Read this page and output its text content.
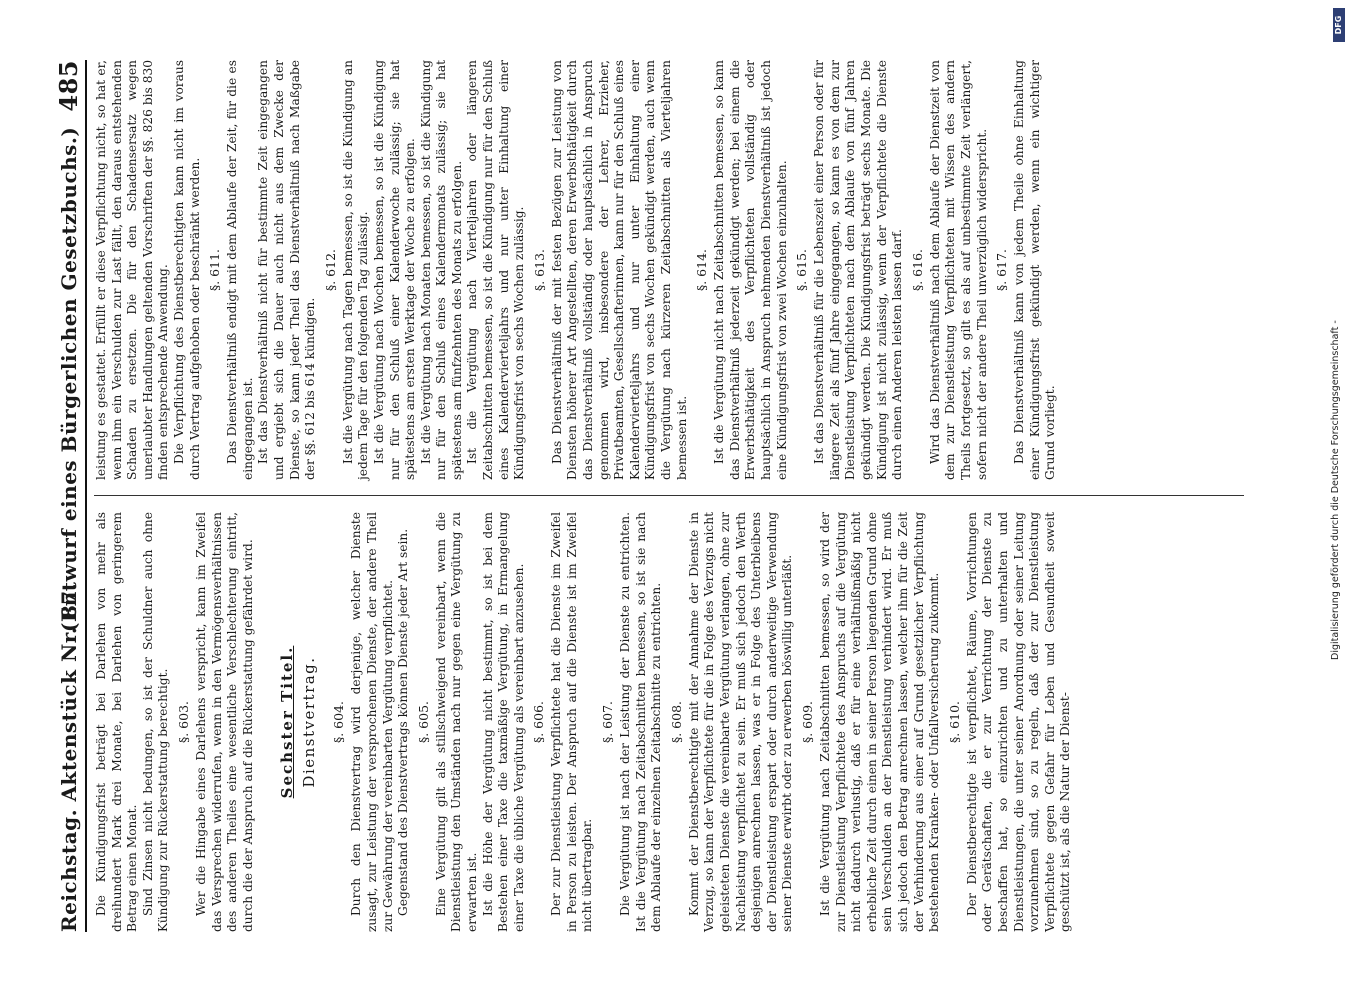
Reichstag. Aktenstück Nr. 87.
(Entwurf eines Bürgerlichen Gesetzbuchs.)
485

Die Kündigungsfrist beträgt bei Darlehen von mehr als dreihundert Mark drei Monate, bei Darlehen von geringerem Betrag einen Monat. Sind Zinsen nicht bedungen, so ist der Schuldner auch ohne Kündigung zur Rückerstattung berechtigt. §. 603. Wer die Hingabe eines Darlehens verspricht, kann im Zweifel das Versprechen widerrufen, wenn in den Vermögensverhältnissen des anderen Theiles eine wesentliche Verschlechterung eintritt, durch die der Anspruch auf die Rückerstattung gefährdet wird. Sechster Titel. Dienstvertrag. §. 604. Durch den Dienstvertrag wird derjenige, welcher Dienste zusagt, zur Leistung der versprochenen Dienste, der andere Theil zur Gewährung der vereinbarten Vergütung verpflichtet. Gegenstand des Dienstvertrags können Dienste jeder Art sein. §. 605. Eine Vergütung gilt als stillschweigend vereinbart, wenn die Dienstleistung den Umständen nach nur gegen eine Vergütung zu erwarten ist. Ist die Höhe der Vergütung nicht bestimmt, so ist bei dem Bestehen einer Taxe die taxmäßige Vergütung, in Ermangelung einer Taxe die übliche Vergütung als vereinbart anzusehen. §. 606. Der zur Dienstleistung Verpflichtete hat die Dienste im Zweifel in Person zu leisten. Der Anspruch auf die Dienste ist im Zweifel nicht übertragbar.

§. 607. Die Vergütung ist nach der Leistung der Dienste zu entrichten. Ist die Vergütung nach Zeitabschnitten bemessen, so ist sie nach dem Ablaufe der einzelnen Zeitabschnitte zu entrichten. §. 608. Kommt der Dienstberechtigte mit der Annahme der Dienste in Verzug, so kann der Verpflichtete für die in Folge des Verzugs nicht geleisteten Dienste die vereinbarte Vergütung verlangen, ohne zur Nachleistung verpflichtet zu sein. Er muß sich jedoch den Werth desjenigen anrechnen lassen, was er in Folge des Unterbleibens der Dienstleistung erspart oder durch anderweitige Verwendung seiner Dienste erwirbt oder zu erwerben böswillig unterläßt. §. 609. Ist die Vergütung nach Zeitabschnitten bemessen, so wird der zur Dienstleistung Verpflichtete des Anspruchs auf die Vergütung nicht dadurch verlustig, daß er für eine verhältnißmäßig nicht erhebliche Zeit durch einen in seiner Person liegenden Grund ohne sein Verschulden an der Dienstleistung verhindert wird. Er muß sich jedoch den Betrag anrechnen lassen, welcher ihm für die Zeit der Verhinderung aus einer auf Grund gesetzlicher Verpflichtung bestehenden Kranken- oder Unfallversicherung zukommt. §. 610. Der Dienstberechtigte ist verpflichtet, Räume, Vorrichtungen oder Gerätschaften, die er zur Verrichtung der Dienste zu beschaffen hat, so einzurichten und zu unterhalten und Dienstleistungen, die unter seiner Anordnung oder seiner Leitung vorzunehmen sind, so zu regeln, daß der zur Dienstleistung Verpflichtete gegen Gefahr für Leben und Gesundheit soweit geschützt ist, als die Natur der Dienst-

leistung es gestattet. Erfüllt er diese Verpflichtung nicht, so hat er, wenn ihm ein Verschulden zur Last fällt, den daraus entstehenden Schaden zu ersetzen. Die für den Schadensersatz wegen unerlaubter Handlungen geltenden Vorschriften der §§. 826 bis 830 finden entsprechende Anwendung. Die Verpflichtung des Dienstberechtigten kann nicht im voraus durch Vertrag aufgehoben oder beschränkt werden. §. 611. Das Dienstverhältniß endigt mit dem Ablaufe der Zeit, für die es eingegangen ist. Ist das Dienstverhältniß nicht für bestimmte Zeit eingegangen und ergiebt sich die Dauer auch nicht aus dem Zwecke der Dienste, so kann jeder Theil das Dienstverhältniß nach Maßgabe der §§. 612 bis 614 kündigen.

§. 612. Ist die Vergütung nach Tagen bemessen, so ist die Kündigung an jedem Tage für den folgenden Tag zulässig. Ist die Vergütung nach Wochen bemessen, so ist die Kündigung nur für den Schluß einer Kalenderwoche zulässig; sie hat spätestens am ersten Werktage der Woche zu erfolgen. Ist die Vergütung nach Monaten bemessen, so ist die Kündigung nur für den Schluß eines Kalendermonats zulässig; sie hat spätestens am fünfzehnten des Monats zu erfolgen. Ist die Vergütung nach Vierteljahren oder längeren Zeitabschnitten bemessen, so ist die Kündigung nur für den Schluß eines Kalendervierteljahrs und nur unter Einhaltung einer Kündigungsfrist von sechs Wochen zulässig. §. 613. Das Dienstverhältniß der mit festen Bezügen zur Leistung von Diensten höherer Art Angestellten, deren Erwerbsthätigkeit durch das Dienstverhältniß vollständig oder hauptsächlich in Anspruch genommen wird, insbesondere der Lehrer, Erzieher, Privatbeamten, Gesellschafterinnen, kann nur für den Schluß eines Kalendervierteljahrs und nur unter Einhaltung einer Kündigungsfrist von sechs Wochen gekündigt werden, auch wenn die Vergütung nach kürzeren Zeitabschnitten als Vierteljahren bemessen ist.

§. 614. Ist die Vergütung nicht nach Zeitabschnitten bemessen, so kann das Dienstverhältniß jederzeit gekündigt werden; bei einem die Erwerbsthätigkeit des Verpflichteten vollständig oder hauptsächlich in Anspruch nehmenden Dienstverhältniß ist jedoch eine Kündigungsfrist von zwei Wochen einzuhalten. §. 615. Ist das Dienstverhältniß für die Lebenszeit einer Person oder für längere Zeit als fünf Jahre eingegangen, so kann es von dem zur Dienstleistung Verpflichteten nach dem Ablaufe von fünf Jahren gekündigt werden. Die Kündigungsfrist beträgt sechs Monate. Die Kündigung ist nicht zulässig, wenn der Verpflichtete die Dienste durch einen Anderen leisten lassen darf. §. 616. Wird das Dienstverhältniß nach dem Ablaufe der Dienstzeit von dem zur Dienstleistung Verpflichteten mit Wissen des andern Theils fortgesetzt, so gilt es als auf unbestimmte Zeit verlängert, sofern nicht der andere Theil unverzüglich widerspricht. §. 617. Das Dienstverhältniß kann von jedem Theile ohne Einhaltung einer Kündigungsfrist gekündigt werden, wenn ein wichtiger Grund vorliegt.	Digitalisierung gefördert durch die Deutsche Forschungsgemeinschaft -
DFG
